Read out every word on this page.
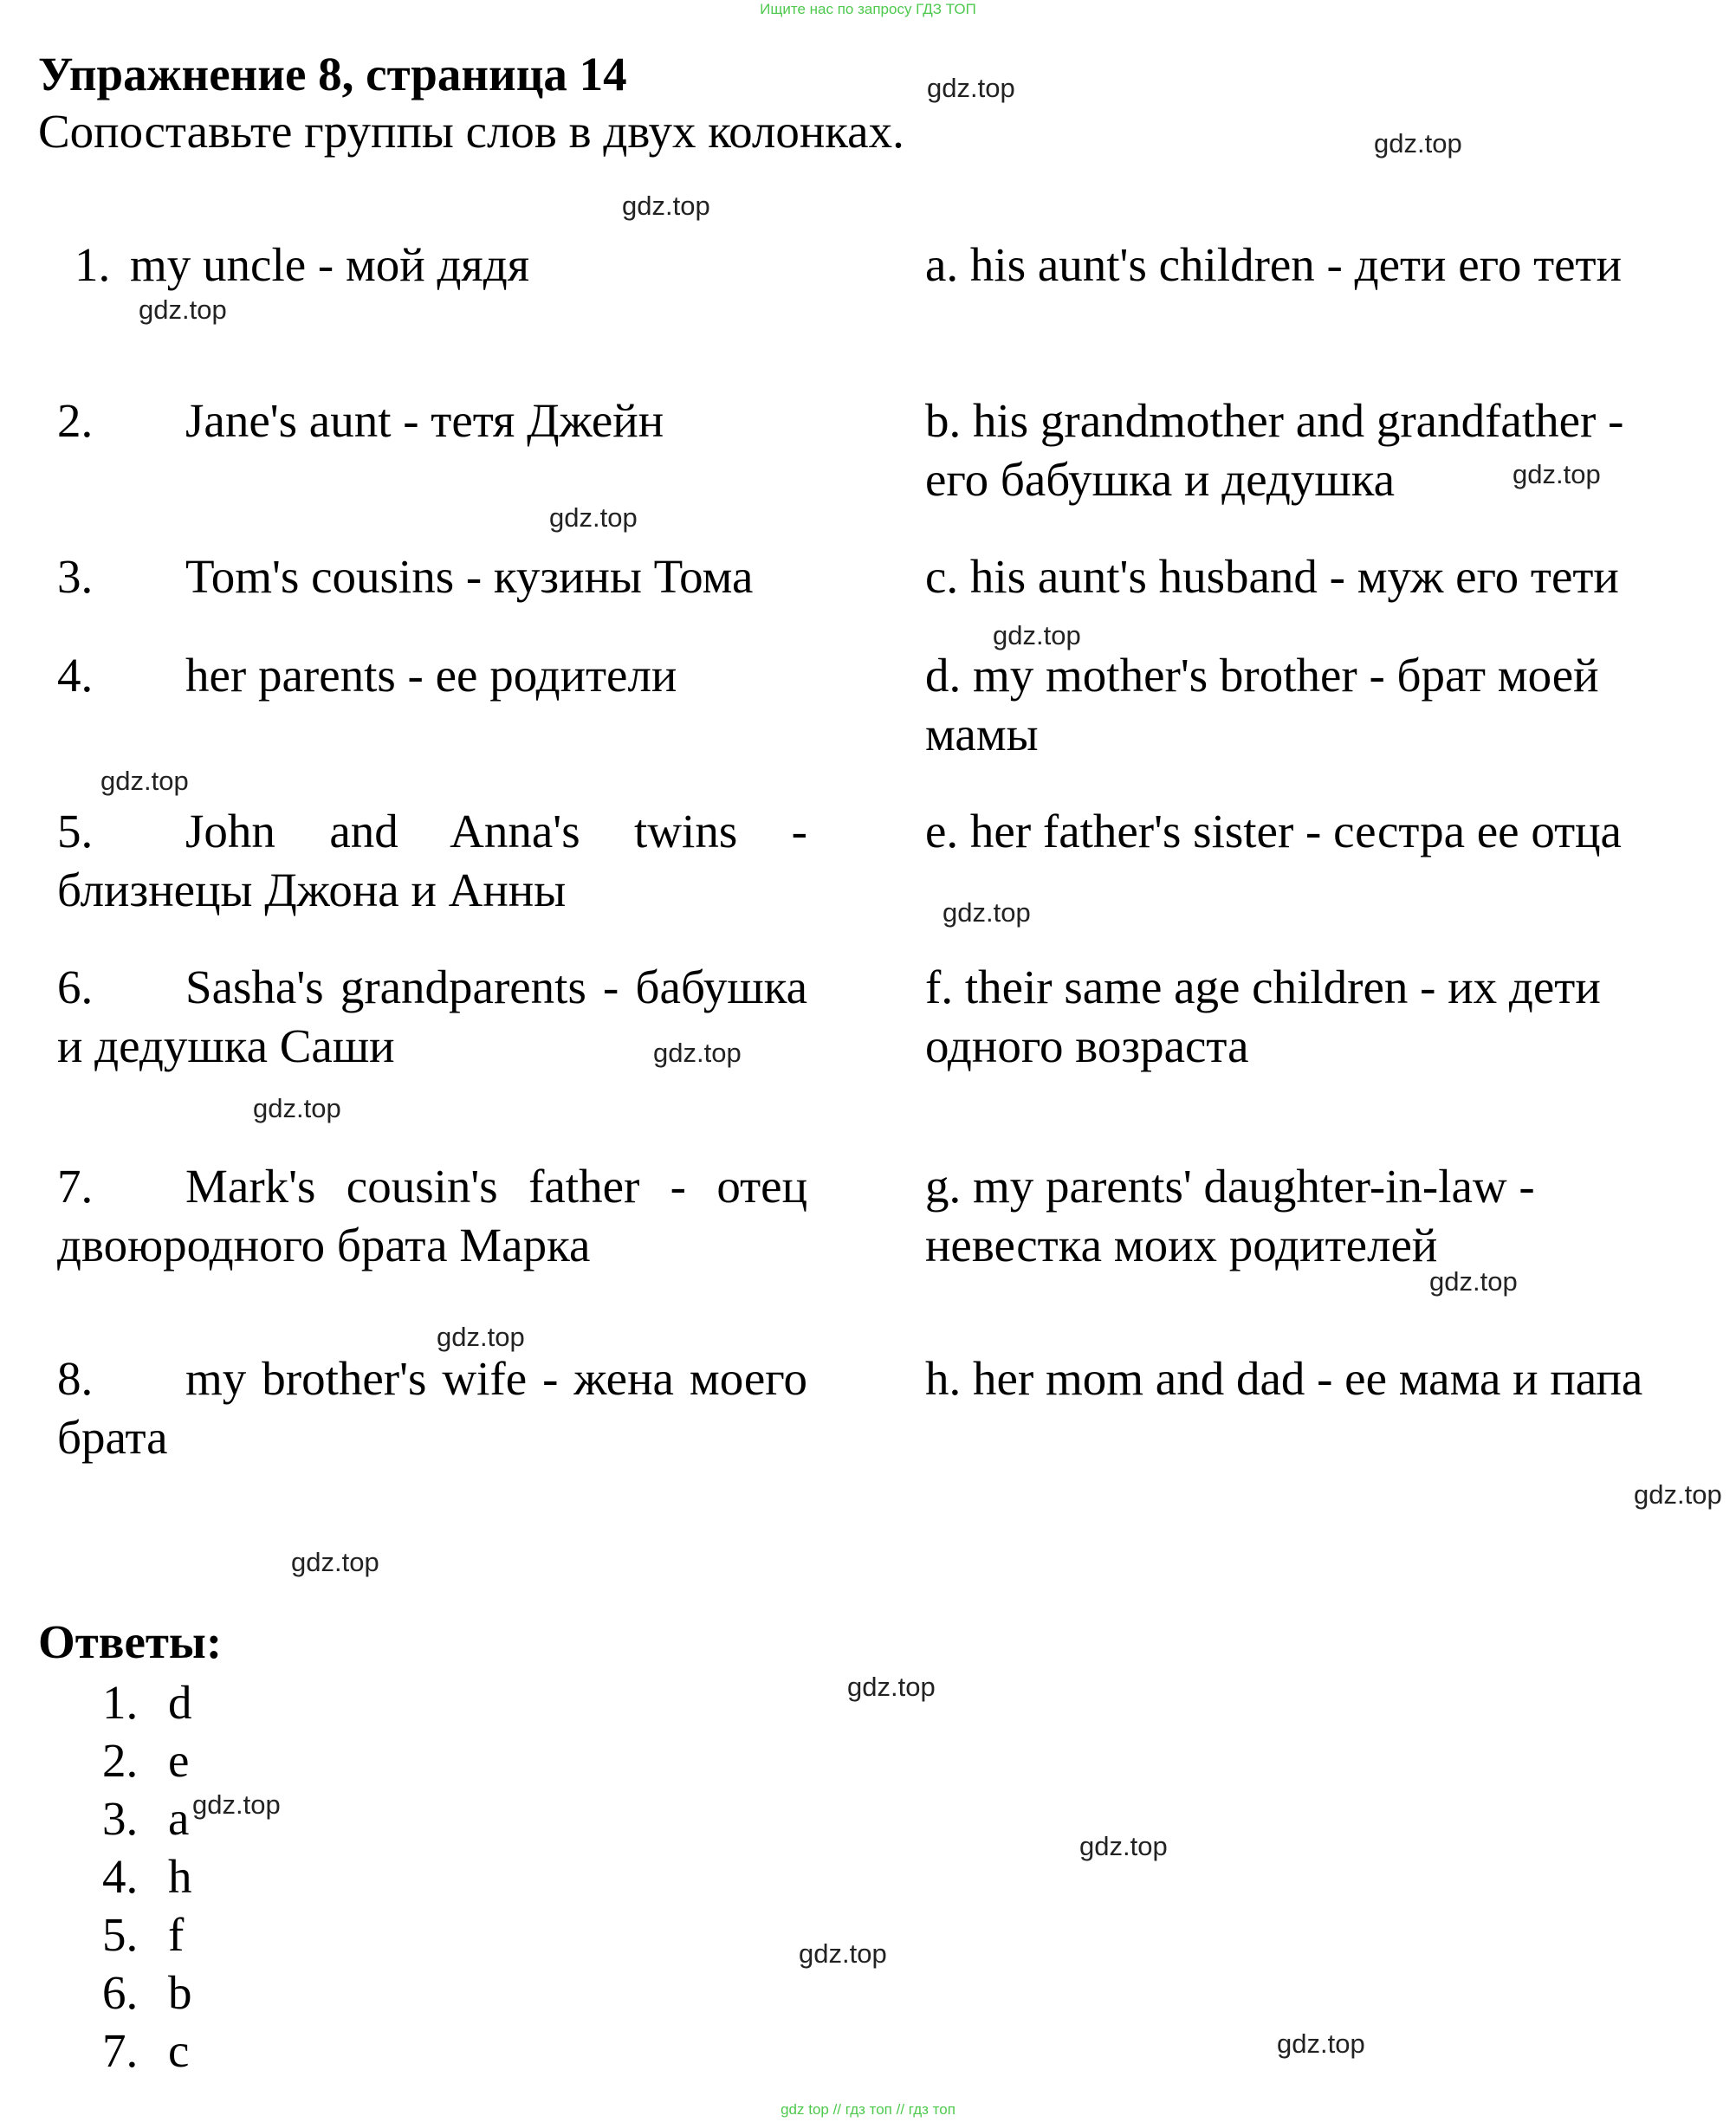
Ищите нас по запросу ГДЗ ТОП
Упражнение 8, страница 14
Сопоставьте группы слов в двух колонках.
1. my uncle - мой дядя
2. Jane's aunt - тетя Джейн
3. Tom's cousins - кузины Тома
4. her parents - ее родители
5. John and Anna's twins - близнецы Джона и Анны
6. Sasha's grandparents - бабушка и дедушка Саши
7. Mark's cousin's father - отец двоюродного брата Марка
8. my brother's wife - жена моего брата
a. his aunt's children - дети его тети
b. his grandmother and grandfather - его бабушка и дедушка
c. his aunt's husband - муж его тети
d. my mother's brother - брат моей мамы
e. her father's sister - сестра ее отца
f. their same age children - их дети одного возраста
g. my parents' daughter-in-law - невестка моих родителей
h. her mom and dad - ее мама и папа
Ответы:
1. d
2. e
3. a
4. h
5. f
6. b
7. c
gdz.top
gdz.top
gdz.top
gdz.top
gdz.top
gdz.top
gdz.top
gdz.top
gdz.top
gdz.top
gdz.top
gdz.top
gdz.top
gdz.top
gdz.top
gdz.top
gdz.top
gdz.top
gdz.top
gdz.top
gdz top // гдз топ // гдз топ
